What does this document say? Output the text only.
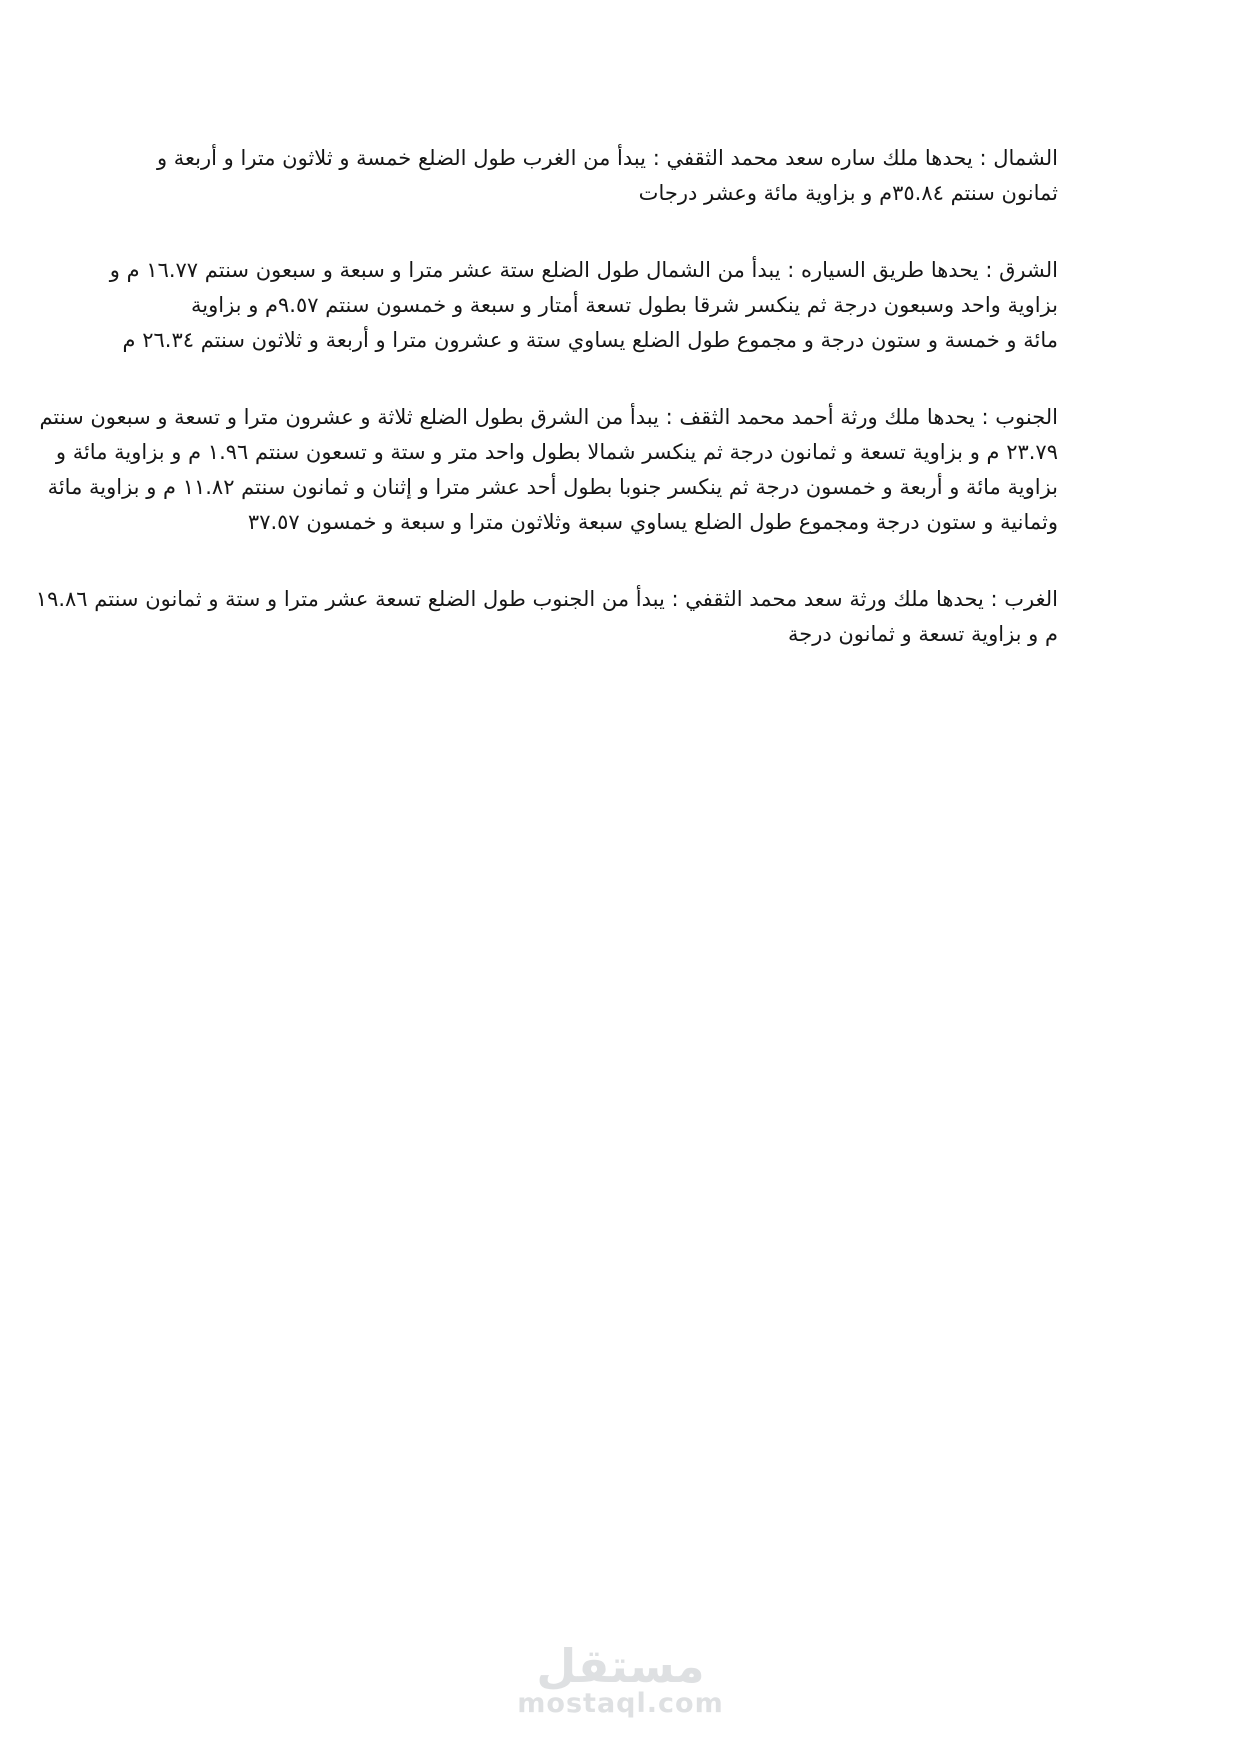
الشمال : يحدها ملك ساره سعد محمد الثقفي : يبدأ من الغرب طول الضلع خمسة و ثلاثون مترا و أربعة و
ثمانون سنتم ٣٥.٨٤م و بزاوية مائة وعشر درجات
الشرق : يحدها طريق السياره : يبدأ من الشمال طول الضلع ستة عشر مترا و سبعة و سبعون سنتم ١٦.٧٧ م و
بزاوية واحد وسبعون درجة ثم ينكسر شرقا بطول تسعة أمتار و سبعة و خمسون سنتم ٩.٥٧م و بزاوية
مائة و خمسة و ستون درجة و مجموع طول الضلع يساوي ستة و عشرون مترا و أربعة و ثلاثون سنتم ٢٦.٣٤ م
الجنوب : يحدها ملك ورثة أحمد محمد الثقف : يبدأ من الشرق بطول الضلع ثلاثة و عشرون مترا و تسعة و سبعون سنتم
٢٣.٧٩ م و بزاوية تسعة و ثمانون درجة ثم ينكسر شمالا بطول واحد متر و ستة و تسعون سنتم ١.٩٦ م و بزاوية مائة و
بزاوية مائة و أربعة و خمسون درجة ثم ينكسر جنوبا بطول أحد عشر مترا و إثنان و ثمانون سنتم ١١.٨٢ م و بزاوية مائة
وثمانية و ستون درجة ومجموع طول الضلع يساوي سبعة وثلاثون مترا و سبعة و خمسون ٣٧.٥٧
الغرب : يحدها ملك ورثة سعد محمد الثقفي : يبدأ من الجنوب طول الضلع تسعة عشر مترا و ستة و ثمانون سنتم ١٩.٨٦
م و بزاوية تسعة و ثمانون درجة
مستقل
mostaql.com
